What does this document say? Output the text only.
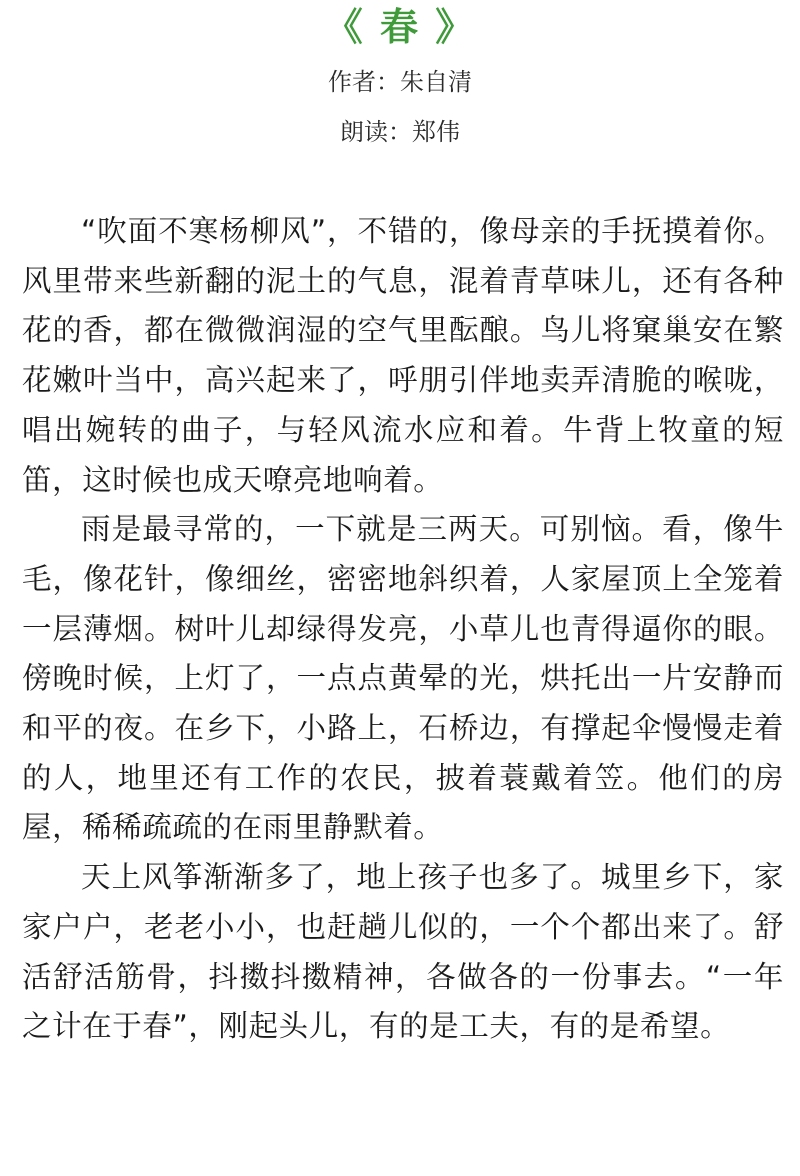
《 春 》
作者：朱自清
朗读：郑伟

“吹面不寒杨柳风”，不错的，像母亲的手抚摸着你。风里带来些新翻的泥土的气息，混着青草味儿，还有各种花的香，都在微微润湿的空气里酝酿。鸟儿将窠巢安在繁花嫩叶当中，高兴起来了，呼朋引伴地卖弄清脆的喉咙，唱出婉转的曲子，与轻风流水应和着。牛背上牧童的短笛，这时候也成天嘹亮地响着。

雨是最寻常的，一下就是三两天。可别恼。看，像牛毛，像花针，像细丝，密密地斜织着，人家屋顶上全笼着一层薄烟。树叶儿却绿得发亮，小草儿也青得逼你的眼。傍晚时候，上灯了，一点点黄晕的光，烘托出一片安静而和平的夜。在乡下，小路上，石桥边，有撑起伞慢慢走着的人，地里还有工作的农民，披着蓑戴着笠。他们的房屋，稀稀疏疏的在雨里静默着。

天上风筝渐渐多了，地上孩子也多了。城里乡下，家家户户，老老小小，也赶趟儿似的，一个个都出来了。舒活舒活筋骨，抖擞抖擞精神，各做各的一份事去。“一年之计在于春”，刚起头儿，有的是工夫，有的是希望。
